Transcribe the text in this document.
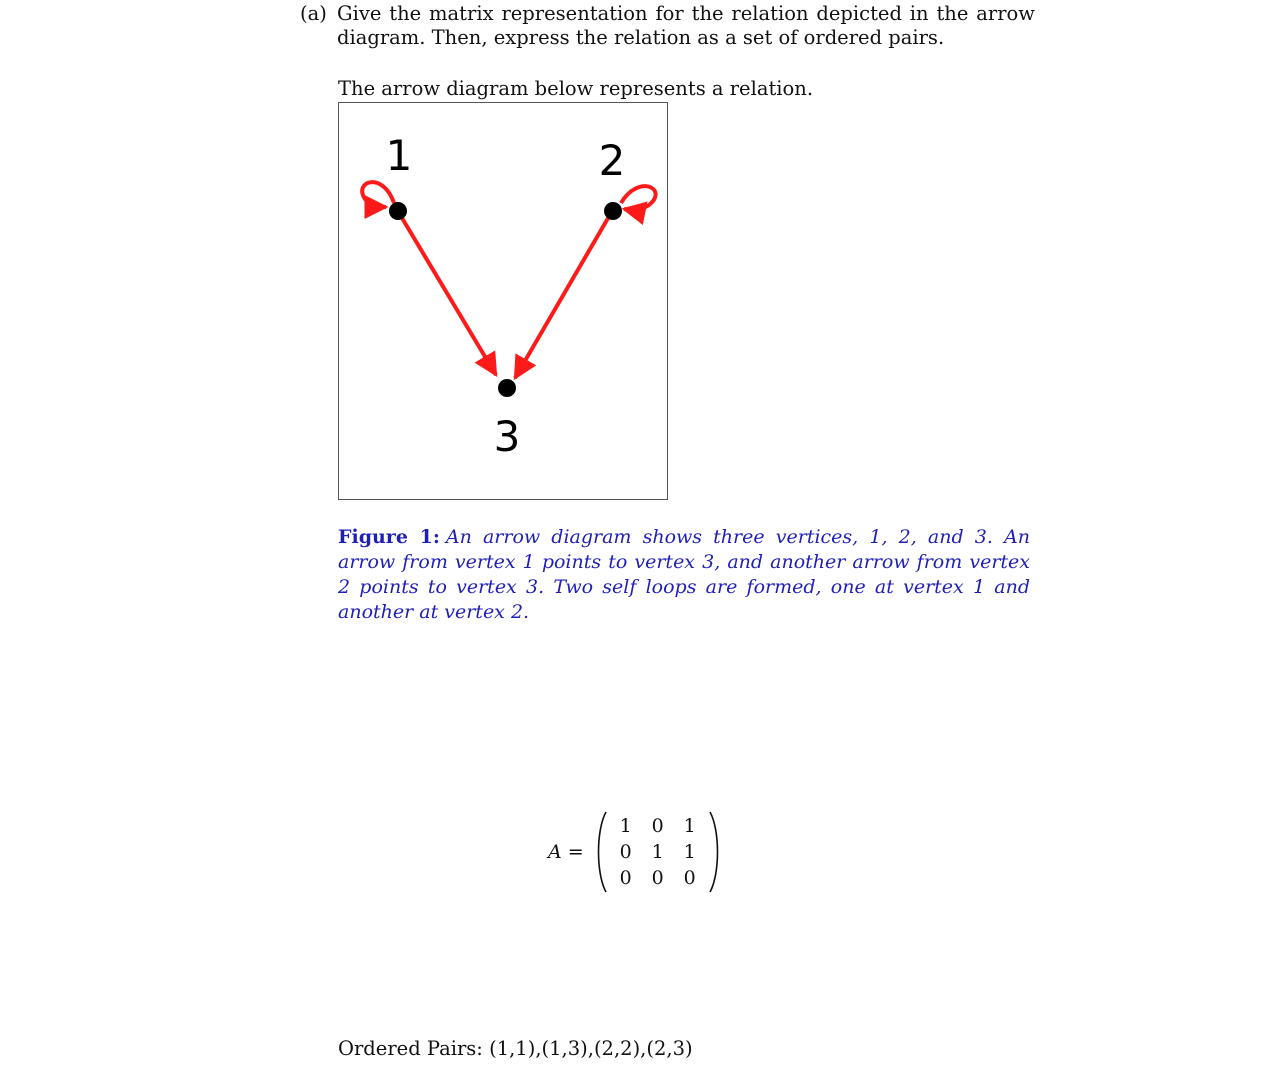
(a) Give the matrix representation for the relation depicted in the arrow diagram. Then, express the relation as a set of ordered pairs.
The arrow diagram below represents a relation.
1	2
3
Figure 1: An arrow diagram shows three vertices, 1, 2, and 3. An arrow from vertex 1 points to vertex 3, and another arrow from vertex 2 points to vertex 3. Two self loops are formed, one at vertex 1 and another at vertex 2.
A =
1 0 1
0 1 1
0 0 0
Ordered Pairs: (1,1),(1,3),(2,2),(2,3)
